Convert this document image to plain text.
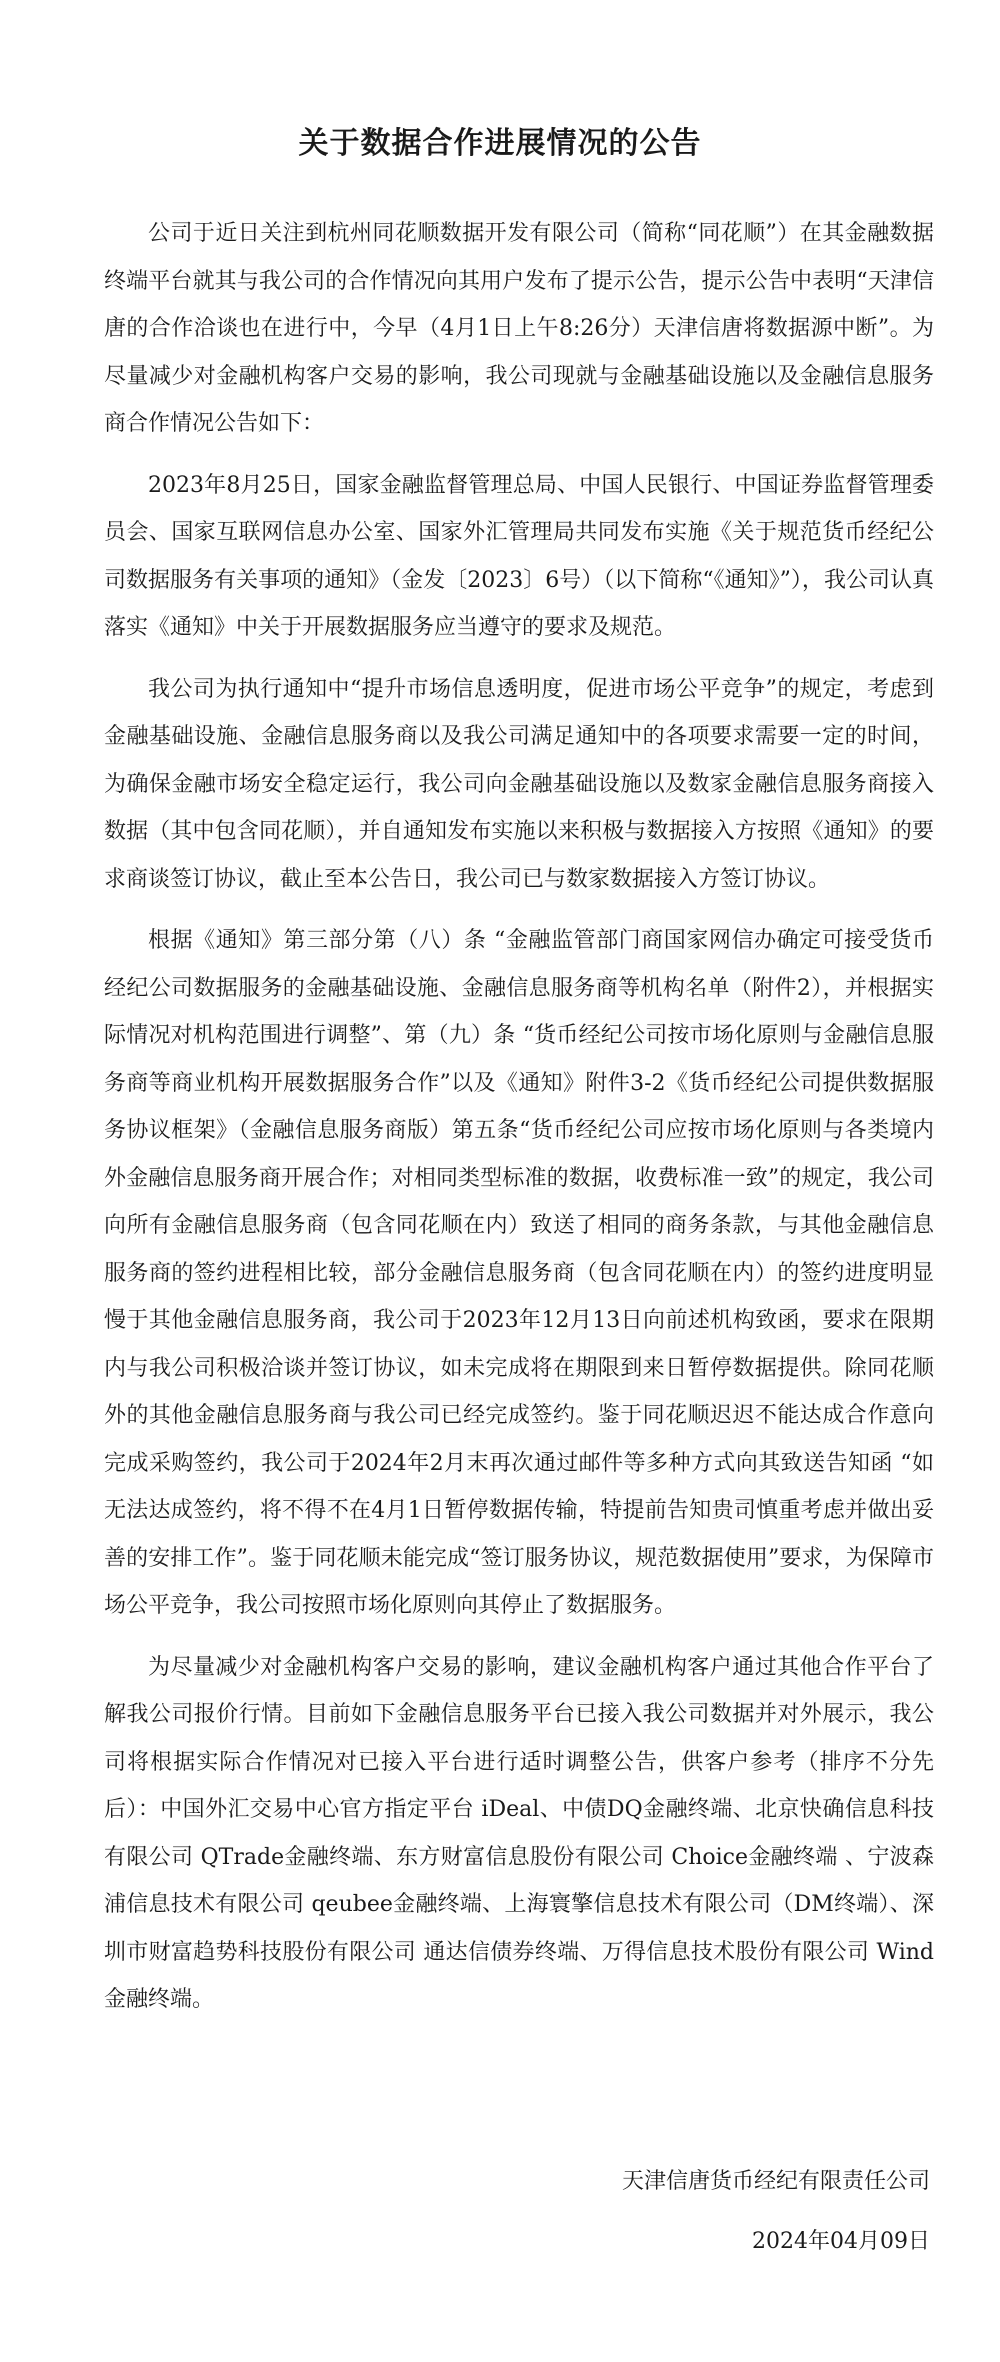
关于数据合作进展情况的公告

公司于近日关注到杭州同花顺数据开发有限公司（简称“同花顺”）在其金融数据终端平台就其与我公司的合作情况向其用户发布了提示公告，提示公告中表明“天津信唐的合作洽谈也在进行中，今早（4月1日上午8:26分）天津信唐将数据源中断”。为尽量减少对金融机构客户交易的影响，我公司现就与金融基础设施以及金融信息服务商合作情况公告如下：

2023年8月25日，国家金融监督管理总局、中国人民银行、中国证券监督管理委员会、国家互联网信息办公室、国家外汇管理局共同发布实施《关于规范货币经纪公司数据服务有关事项的通知》（金发〔2023〕6号）（以下简称“《通知》”），我公司认真落实《通知》中关于开展数据服务应当遵守的要求及规范。

我公司为执行通知中“提升市场信息透明度，促进市场公平竞争”的规定，考虑到金融基础设施、金融信息服务商以及我公司满足通知中的各项要求需要一定的时间，为确保金融市场安全稳定运行，我公司向金融基础设施以及数家金融信息服务商接入数据（其中包含同花顺），并自通知发布实施以来积极与数据接入方按照《通知》的要求商谈签订协议，截止至本公告日，我公司已与数家数据接入方签订协议。

根据《通知》第三部分第（八）条 “金融监管部门商国家网信办确定可接受货币经纪公司数据服务的金融基础设施、金融信息服务商等机构名单（附件2），并根据实际情况对机构范围进行调整”、第（九）条 “货币经纪公司按市场化原则与金融信息服务商等商业机构开展数据服务合作”以及《通知》附件3-2《货币经纪公司提供数据服务协议框架》（金融信息服务商版）第五条“货币经纪公司应按市场化原则与各类境内外金融信息服务商开展合作；对相同类型标准的数据，收费标准一致”的规定，我公司向所有金融信息服务商（包含同花顺在内）致送了相同的商务条款，与其他金融信息服务商的签约进程相比较，部分金融信息服务商（包含同花顺在内）的签约进度明显慢于其他金融信息服务商，我公司于2023年12月13日向前述机构致函，要求在限期内与我公司积极洽谈并签订协议，如未完成将在期限到来日暂停数据提供。除同花顺外的其他金融信息服务商与我公司已经完成签约。鉴于同花顺迟迟不能达成合作意向完成采购签约，我公司于2024年2月末再次通过邮件等多种方式向其致送告知函 “如无法达成签约，将不得不在4月1日暂停数据传输，特提前告知贵司慎重考虑并做出妥善的安排工作”。鉴于同花顺未能完成“签订服务协议，规范数据使用”要求，为保障市场公平竞争，我公司按照市场化原则向其停止了数据服务。

为尽量减少对金融机构客户交易的影响，建议金融机构客户通过其他合作平台了解我公司报价行情。目前如下金融信息服务平台已接入我公司数据并对外展示，我公司将根据实际合作情况对已接入平台进行适时调整公告，供客户参考（排序不分先后）：中国外汇交易中心官方指定平台 iDeal、中债DQ金融终端、北京快确信息科技有限公司 QTrade金融终端、东方财富信息股份有限公司 Choice金融终端 、宁波森浦信息技术有限公司 qeubee金融终端、上海寰擎信息技术有限公司（DM终端）、深圳市财富趋势科技股份有限公司 通达信债券终端、万得信息技术股份有限公司 Wind金融终端。

天津信唐货币经纪有限责任公司
2024年04月09日
